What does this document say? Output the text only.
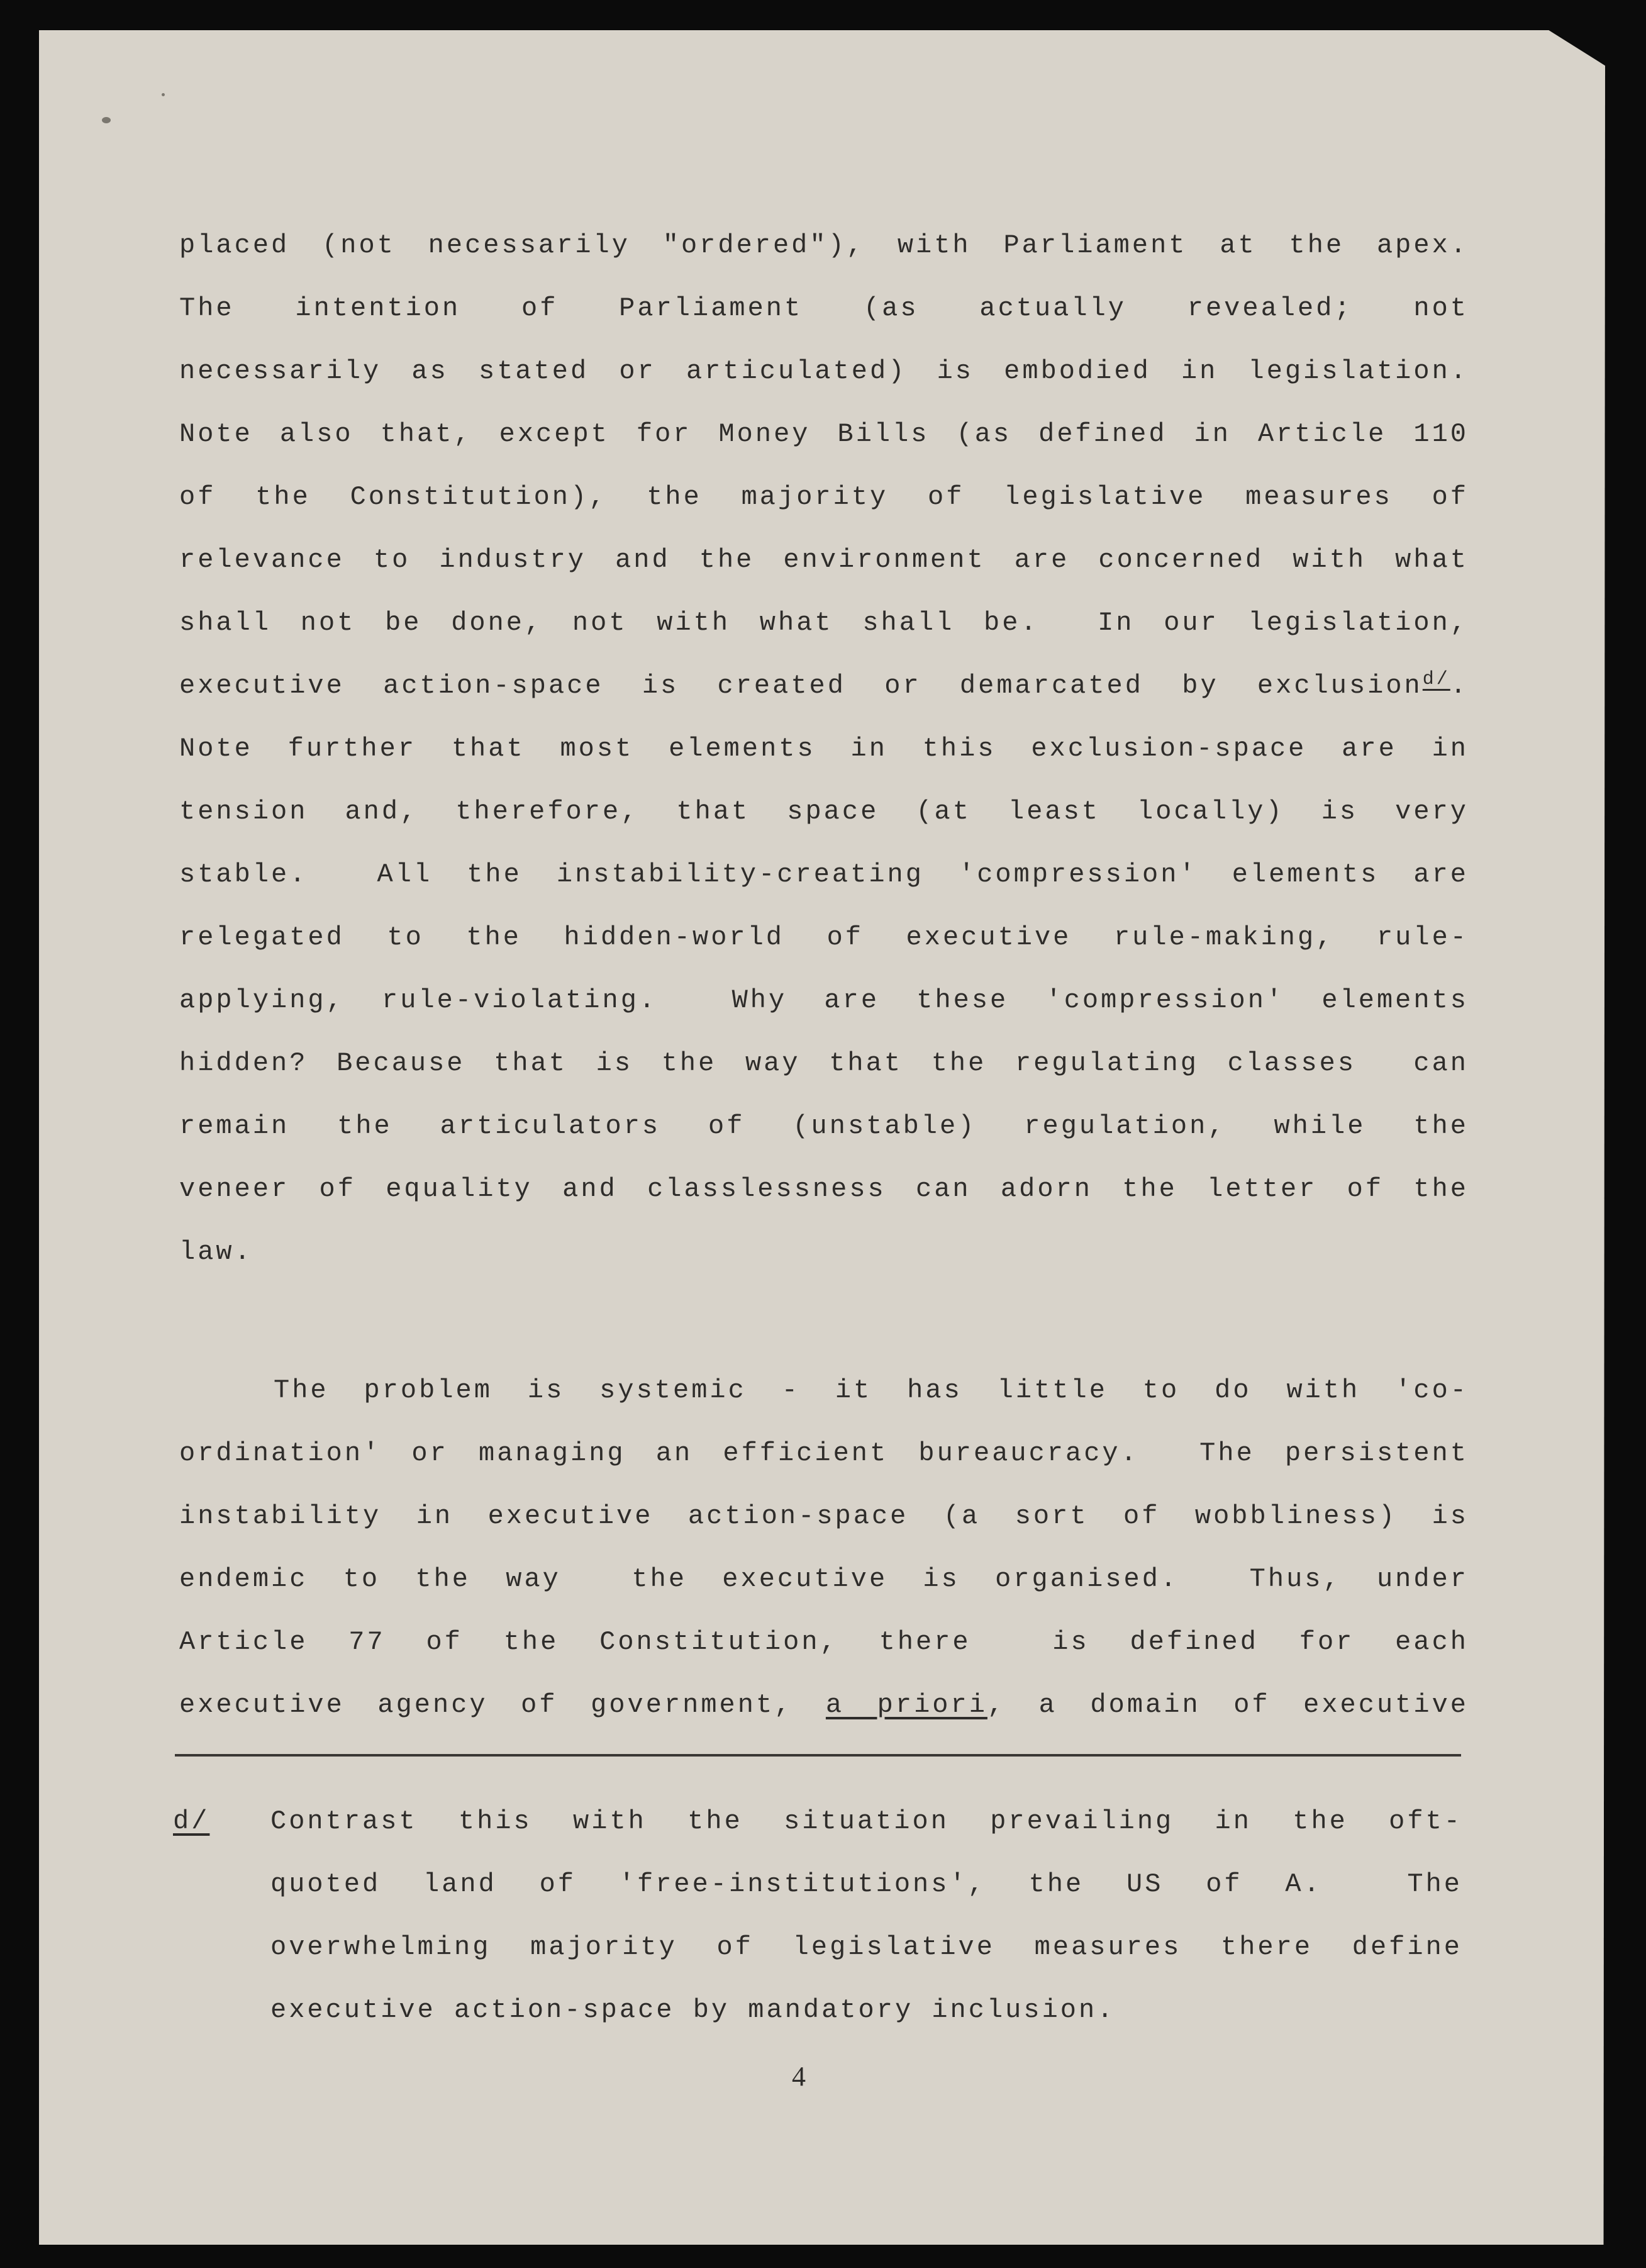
placed (not necessarily "ordered"), with Parliament at the apex.
The intention of Parliament (as actually revealed; not
necessarily as stated or articulated) is embodied in legislation.
Note also that, except for Money Bills (as defined in Article 110
of the Constitution), the majority of legislative measures of
relevance to industry and the environment are concerned with what
shall not be done, not with what shall be.  In our legislation,
executive action-space is created or demarcated by exclusion$^{d/}$.
Note further that most elements in this exclusion-space are in
tension and, therefore, that space (at least locally) is very
stable.  All the instability-creating 'compression' elements are
relegated to the hidden-world of executive rule-making, rule-
applying, rule-violating.  Why are these 'compression' elements
hidden? Because that is the way that the regulating classes  can
remain the articulators of (unstable) regulation, while the
veneer of equality and classlessness can adorn the letter of the
law.
The problem is systemic - it has little to do with 'co-
ordination' or managing an efficient bureaucracy.  The persistent
instability in executive action-space (a sort of wobbliness) is
endemic to the way  the executive is organised.  Thus, under
Article 77 of the Constitution, there  is defined for each
executive agency of government, a priori, a domain of executive
d/ Contrast this with the situation prevailing in the oft-
quoted land of 'free-institutions', the US of A.  The
overwhelming majority of legislative measures there define
executive action-space by mandatory inclusion.
4
